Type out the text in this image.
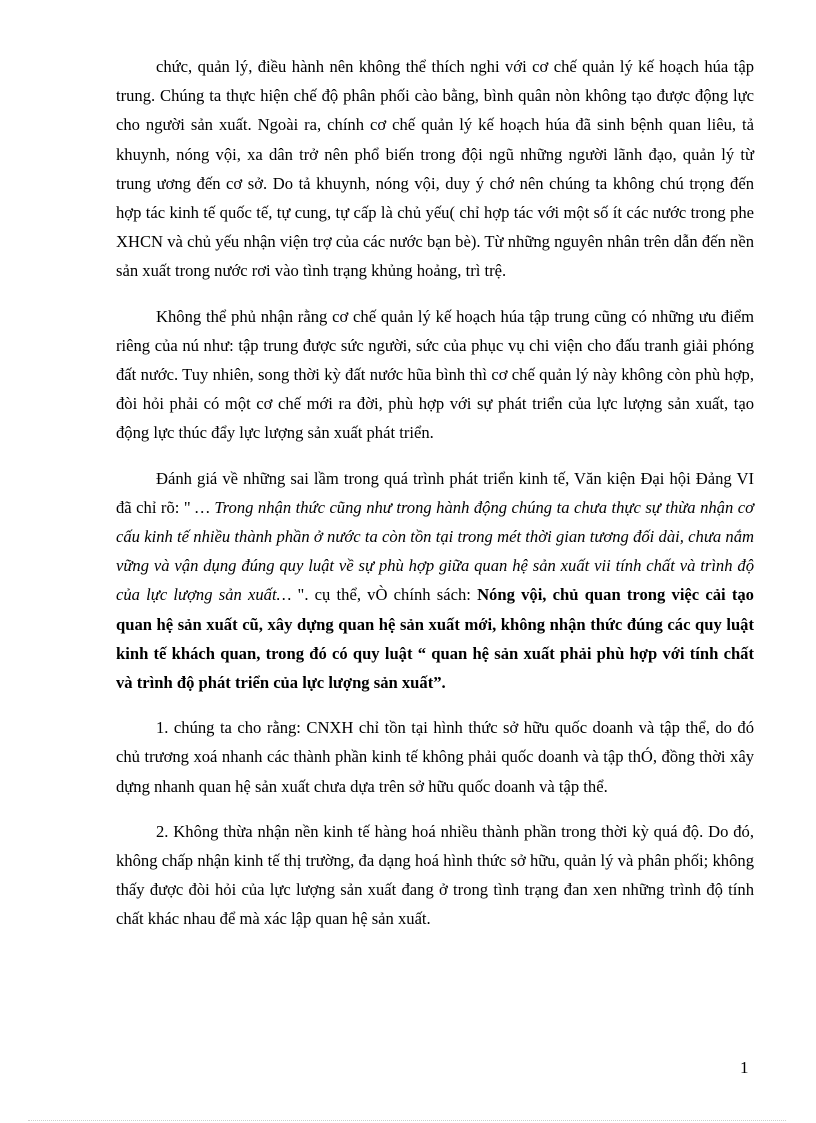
chức, quản lý, điều hành nên không thể thích nghi với cơ chế quản lý kế hoạch húa tập trung. Chúng ta thực hiện chế độ phân phối cào bằng, bình quân nòn không tạo được động lực cho người sản xuất. Ngoài ra, chính cơ chế quản lý kế hoạch húa đã sinh bệnh quan liêu, tả khuynh, nóng vội, xa dân trở nên phổ biến trong đội ngũ những người lãnh đạo, quản lý từ trung ương đến cơ sở. Do tả khuynh, nóng vội, duy ý chớ nên chúng ta không chú trọng đến hợp tác kinh tế quốc tế, tự cung, tự cấp là chủ yếu( chỉ hợp tác với một số ít các nước trong phe XHCN và chủ yếu nhận viện trợ của các nước bạn bè). Từ những nguyên nhân trên dẫn đến nền sản xuất trong nước rơi vào tình trạng khủng hoảng, trì trệ.

Không thể phủ nhận rằng cơ chế quản lý kế hoạch húa tập trung cũng có những ưu điểm riêng của nú như: tập trung được sức người, sức của phục vụ chi viện cho đấu tranh giải phóng đất nước. Tuy nhiên, song thời kỳ đất nước hũa bình thì cơ chế quản lý này không còn phù hợp, đòi hỏi phải có một cơ chế mới ra đời, phù hợp với sự phát triển của lực lượng sản xuất, tạo động lực thúc đẩy lực lượng sản xuất phát triển.

Đánh giá về những sai lầm trong quá trình phát triển kinh tế, Văn kiện Đại hội Đảng VI đã chỉ rõ: " … Trong nhận thức cũng như trong hành động chúng ta chưa thực sự thừa nhận cơ cấu kinh tế nhiều thành phần ở nước ta còn tồn tại trong mét thời gian tương đối dài, chưa nắm vững và vận dụng đúng quy luật về sự phù hợp giữa quan hệ sản xuất vii tính chất và trình độ của lực lượng sản xuất… ". cụ thể, vÒ chính sách: Nóng vội, chủ quan trong việc cải tạo quan hệ sản xuất cũ, xây dựng quan hệ sản xuất mới, không nhận thức đúng các quy luật kinh tế khách quan, trong đó có quy luật “ quan hệ sản xuất phải phù hợp với tính chất và trình độ phát triển của lực lượng sản xuất”.

1. chúng ta cho rằng: CNXH chỉ tồn tại hình thức sở hữu quốc doanh và tập thể, do đó chủ trương xoá nhanh các thành phần kinh tế không phải quốc doanh và tập thÓ, đồng thời xây dựng nhanh quan hệ sản xuất chưa dựa trên sở hữu quốc doanh và tập thể.

2. Không thừa nhận nền kinh tế hàng hoá nhiều thành phần trong thời kỳ quá độ. Do đó, không chấp nhận kinh tế thị trường, đa dạng hoá hình thức sở hữu, quản lý và phân phối; không thấy được đòi hỏi của lực lượng sản xuất đang ở trong tình trạng đan xen những trình độ tính chất khác nhau để mà xác lập quan hệ sản xuất.

1
